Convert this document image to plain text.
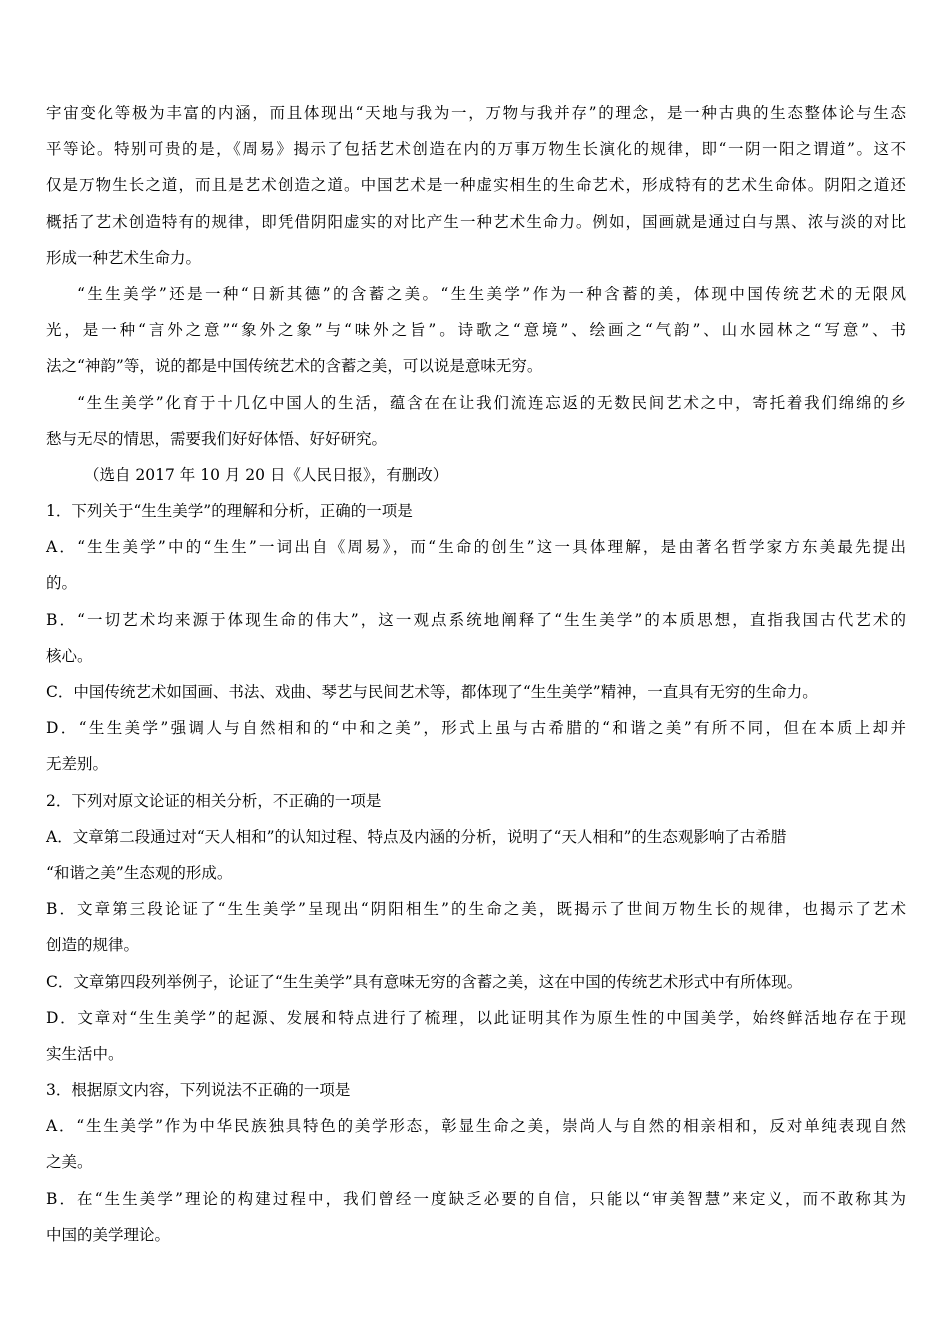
宇宙变化等极为丰富的内涵，而且体现出“天地与我为一，万物与我并存”的理念，是一种古典的生态整体论与生态
平等论。特别可贵的是，《周易》揭示了包括艺术创造在内的万事万物生长演化的规律，即“一阴一阳之谓道”。这不
仅是万物生长之道，而且是艺术创造之道。中国艺术是一种虚实相生的生命艺术，形成特有的艺术生命体。阴阳之道还
概括了艺术创造特有的规律，即凭借阴阳虚实的对比产生一种艺术生命力。例如，国画就是通过白与黑、浓与淡的对比
形成一种艺术生命力。
“生生美学”还是一种“日新其德”的含蓄之美。“生生美学”作为一种含蓄的美，体现中国传统艺术的无限风
光，是一种“言外之意”“象外之象”与“味外之旨”。诗歌之“意境”、绘画之“气韵”、山水园林之“写意”、书
法之“神韵”等，说的都是中国传统艺术的含蓄之美，可以说是意味无穷。
“生生美学”化育于十几亿中国人的生活，蕴含在在让我们流连忘返的无数民间艺术之中，寄托着我们绵绵的乡
愁与无尽的情思，需要我们好好体悟、好好研究。
（选自 2017 年 10 月 20 日《人民日报》，有删改）
1．下列关于“生生美学”的理解和分析，正确的一项是
A．“生生美学”中的“生生”一词出自《周易》，而“生命的创生”这一具体理解，是由著名哲学家方东美最先提出
的。
B．“一切艺术均来源于体现生命的伟大”，这一观点系统地阐释了“生生美学”的本质思想，直指我国古代艺术的
核心。
C．中国传统艺术如国画、书法、戏曲、琴艺与民间艺术等，都体现了“生生美学”精神，一直具有无穷的生命力。
D．“生生美学”强调人与自然相和的“中和之美”，形式上虽与古希腊的“和谐之美”有所不同，但在本质上却并
无差别。
2．下列对原文论证的相关分析，不正确的一项是
A．文章第二段通过对“天人相和”的认知过程、特点及内涵的分析，说明了“天人相和”的生态观影响了古希腊
“和谐之美”生态观的形成。
B．文章第三段论证了“生生美学”呈现出“阴阳相生”的生命之美，既揭示了世间万物生长的规律，也揭示了艺术
创造的规律。
C．文章第四段列举例子，论证了“生生美学”具有意味无穷的含蓄之美，这在中国的传统艺术形式中有所体现。
D．文章对“生生美学”的起源、发展和特点进行了梳理，以此证明其作为原生性的中国美学，始终鲜活地存在于现
实生活中。
3．根据原文内容，下列说法不正确的一项是
A．“生生美学”作为中华民族独具特色的美学形态，彰显生命之美，崇尚人与自然的相亲相和，反对单纯表现自然
之美。
B．在“生生美学”理论的构建过程中，我们曾经一度缺乏必要的自信，只能以“审美智慧”来定义，而不敢称其为
中国的美学理论。
